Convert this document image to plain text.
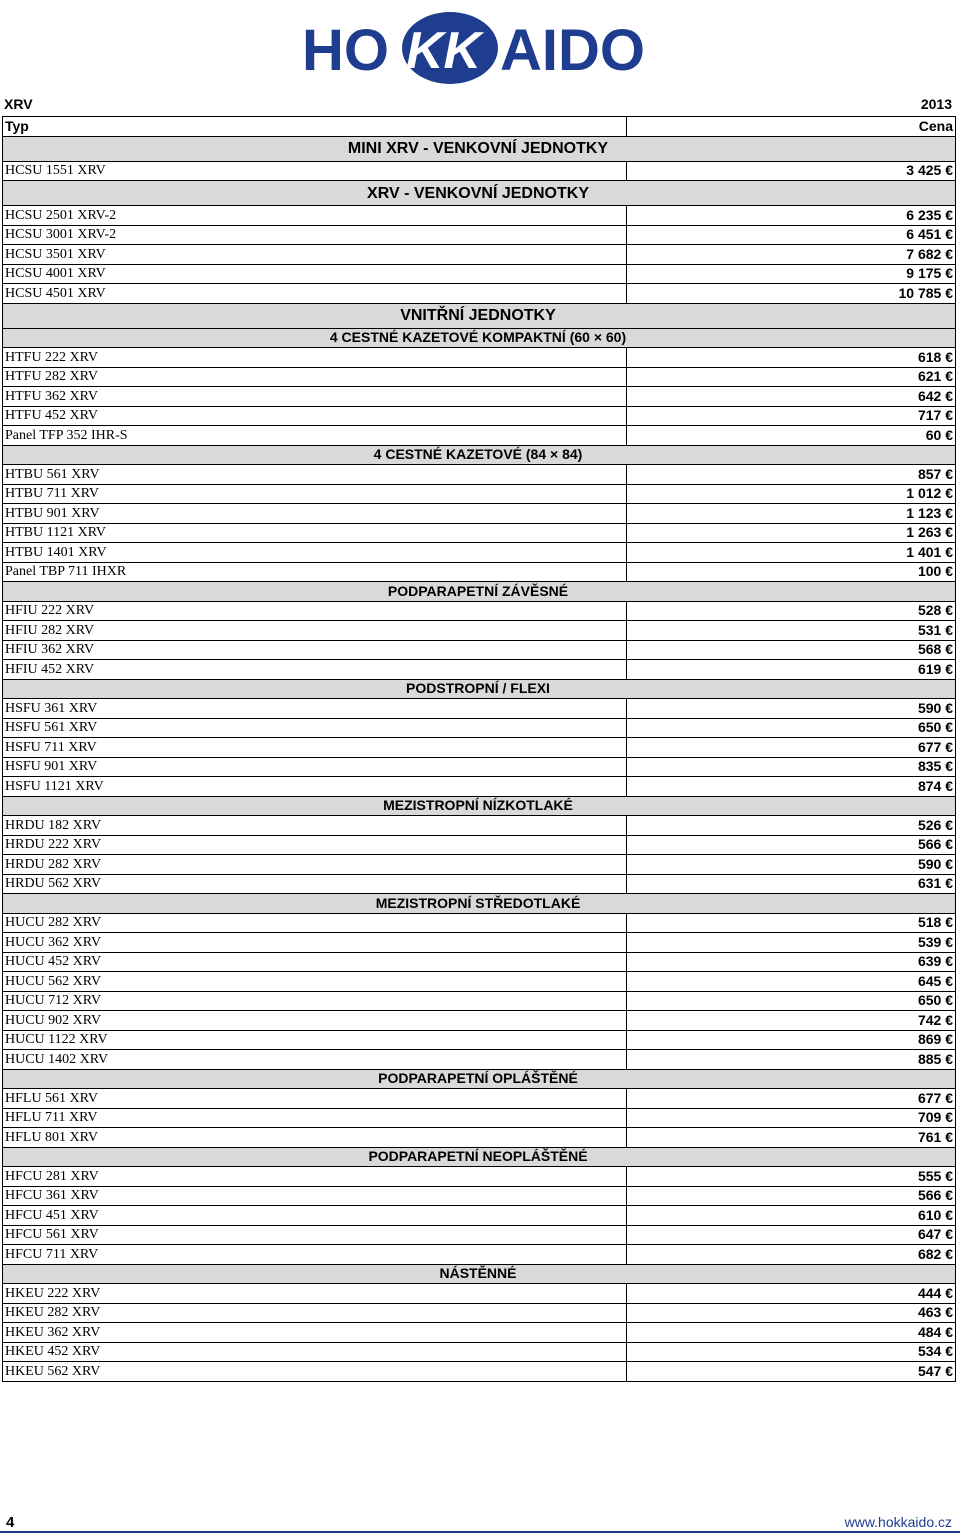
HO KK AIDO
XRV	2013
Typ	Cena
MINI XRV - VENKOVNÍ JEDNOTKY	
HCSU 1551 XRV	3 425 €
XRV - VENKOVNÍ JEDNOTKY	
HCSU 2501 XRV-2	6 235 €
HCSU 3001 XRV-2	6 451 €
HCSU 3501 XRV	7 682 €
HCSU 4001 XRV	9 175 €
HCSU 4501 XRV	10 785 €
VNITŘNÍ JEDNOTKY	
4 CESTNÉ KAZETOVÉ KOMPAKTNÍ (60 × 60)	
HTFU 222 XRV	618 €
HTFU 282 XRV	621 €
HTFU 362 XRV	642 €
HTFU 452 XRV	717 €
Panel TFP 352 IHR-S	60 €
4 CESTNÉ KAZETOVÉ (84 × 84)	
HTBU 561 XRV	857 €
HTBU 711 XRV	1 012 €
HTBU 901 XRV	1 123 €
HTBU 1121 XRV	1 263 €
HTBU 1401 XRV	1 401 €
Panel TBP 711 IHXR	100 €
PODPARAPETNÍ ZÁVĚSNÉ	
HFIU 222 XRV	528 €
HFIU 282 XRV	531 €
HFIU 362 XRV	568 €
HFIU 452 XRV	619 €
PODSTROPNÍ / FLEXI	
HSFU 361 XRV	590 €
HSFU 561 XRV	650 €
HSFU 711 XRV	677 €
HSFU 901 XRV	835 €
HSFU 1121 XRV	874 €
MEZISTROPNÍ NÍZKOTLAKÉ	
HRDU 182 XRV	526 €
HRDU 222 XRV	566 €
HRDU 282 XRV	590 €
HRDU 562 XRV	631 €
MEZISTROPNÍ STŘEDOTLAKÉ	
HUCU 282 XRV	518 €
HUCU 362 XRV	539 €
HUCU 452 XRV	639 €
HUCU 562 XRV	645 €
HUCU 712 XRV	650 €
HUCU 902 XRV	742 €
HUCU 1122 XRV	869 €
HUCU 1402 XRV	885 €
PODPARAPETNÍ OPLÁŠTĚNÉ	
HFLU 561 XRV	677 €
HFLU 711 XRV	709 €
HFLU 801 XRV	761 €
PODPARAPETNÍ NEOPLÁŠTĚNÉ	
HFCU 281 XRV	555 €
HFCU 361 XRV	566 €
HFCU 451 XRV	610 €
HFCU 561 XRV	647 €
HFCU 711 XRV	682 €
NÁSTĚNNÉ	
HKEU 222 XRV	444 €
HKEU 282 XRV	463 €
HKEU 362 XRV	484 €
HKEU 452 XRV	534 €
HKEU 562 XRV	547 €
4	www.hokkaido.cz
